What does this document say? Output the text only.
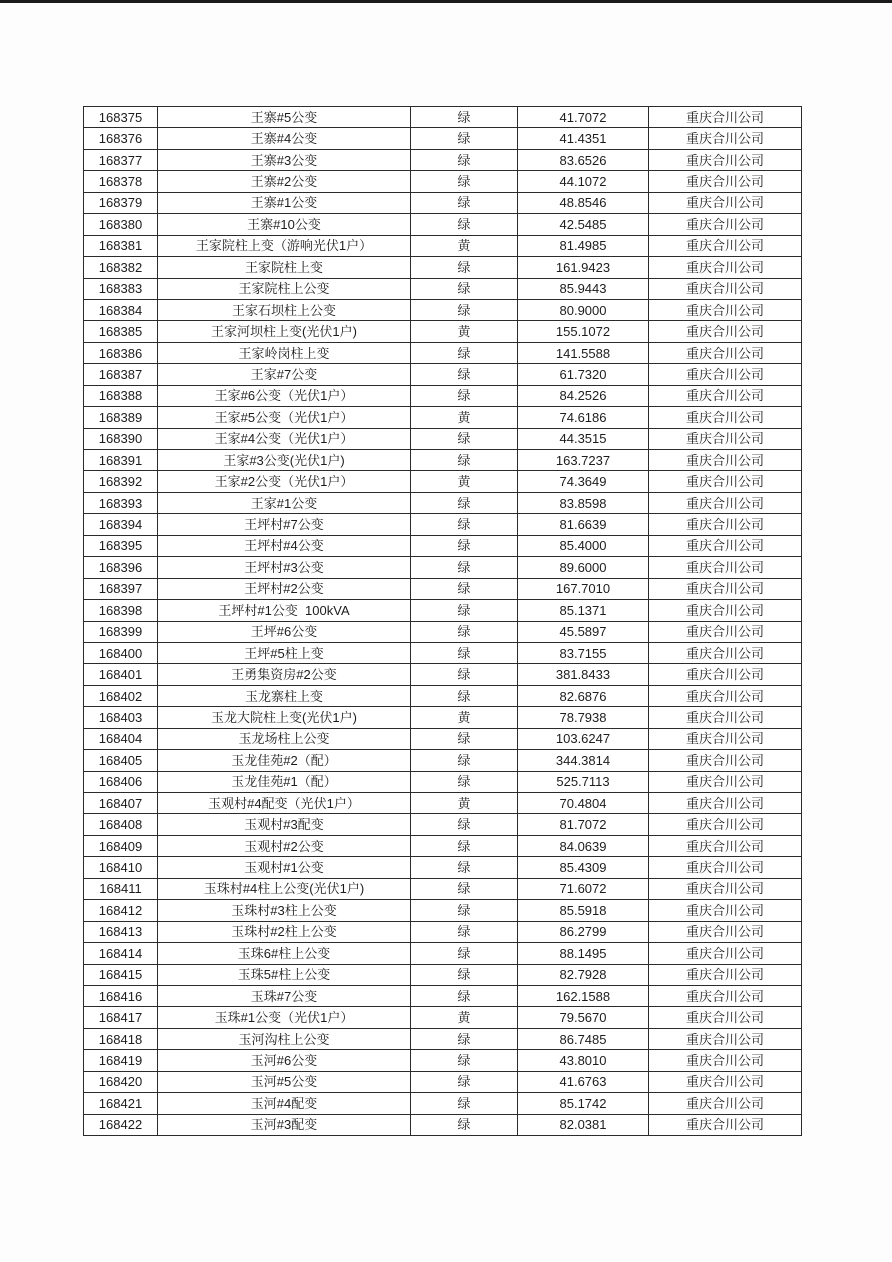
168375	王寨#5公变	绿	41.7072	重庆合川公司
168376	王寨#4公变	绿	41.4351	重庆合川公司
168377	王寨#3公变	绿	83.6526	重庆合川公司
168378	王寨#2公变	绿	44.1072	重庆合川公司
168379	王寨#1公变	绿	48.8546	重庆合川公司
168380	王寨#10公变	绿	42.5485	重庆合川公司
168381	王家院柱上变（游响光伏1户）	黄	81.4985	重庆合川公司
168382	王家院柱上变	绿	161.9423	重庆合川公司
168383	王家院柱上公变	绿	85.9443	重庆合川公司
168384	王家石坝柱上公变	绿	80.9000	重庆合川公司
168385	王家河坝柱上变(光伏1户)	黄	155.1072	重庆合川公司
168386	王家岭岗柱上变	绿	141.5588	重庆合川公司
168387	王家#7公变	绿	61.7320	重庆合川公司
168388	王家#6公变（光伏1户）	绿	84.2526	重庆合川公司
168389	王家#5公变（光伏1户）	黄	74.6186	重庆合川公司
168390	王家#4公变（光伏1户）	绿	44.3515	重庆合川公司
168391	王家#3公变(光伏1户)	绿	163.7237	重庆合川公司
168392	王家#2公变（光伏1户）	黄	74.3649	重庆合川公司
168393	王家#1公变	绿	83.8598	重庆合川公司
168394	王坪村#7公变	绿	81.6639	重庆合川公司
168395	王坪村#4公变	绿	85.4000	重庆合川公司
168396	王坪村#3公变	绿	89.6000	重庆合川公司
168397	王坪村#2公变	绿	167.7010	重庆合川公司
168398	王坪村#1公变  100kVA	绿	85.1371	重庆合川公司
168399	王坪#6公变	绿	45.5897	重庆合川公司
168400	王坪#5柱上变	绿	83.7155	重庆合川公司
168401	王勇集资房#2公变	绿	381.8433	重庆合川公司
168402	玉龙寨柱上变	绿	82.6876	重庆合川公司
168403	玉龙大院柱上变(光伏1户)	黄	78.7938	重庆合川公司
168404	玉龙场柱上公变	绿	103.6247	重庆合川公司
168405	玉龙佳苑#2（配）	绿	344.3814	重庆合川公司
168406	玉龙佳苑#1（配）	绿	525.7113	重庆合川公司
168407	玉观村#4配变（光伏1户）	黄	70.4804	重庆合川公司
168408	玉观村#3配变	绿	81.7072	重庆合川公司
168409	玉观村#2公变	绿	84.0639	重庆合川公司
168410	玉观村#1公变	绿	85.4309	重庆合川公司
168411	玉珠村#4柱上公变(光伏1户)	绿	71.6072	重庆合川公司
168412	玉珠村#3柱上公变	绿	85.5918	重庆合川公司
168413	玉珠村#2柱上公变	绿	86.2799	重庆合川公司
168414	玉珠6#柱上公变	绿	88.1495	重庆合川公司
168415	玉珠5#柱上公变	绿	82.7928	重庆合川公司
168416	玉珠#7公变	绿	162.1588	重庆合川公司
168417	玉珠#1公变（光伏1户）	黄	79.5670	重庆合川公司
168418	玉河沟柱上公变	绿	86.7485	重庆合川公司
168419	玉河#6公变	绿	43.8010	重庆合川公司
168420	玉河#5公变	绿	41.6763	重庆合川公司
168421	玉河#4配变	绿	85.1742	重庆合川公司
168422	玉河#3配变	绿	82.0381	重庆合川公司
